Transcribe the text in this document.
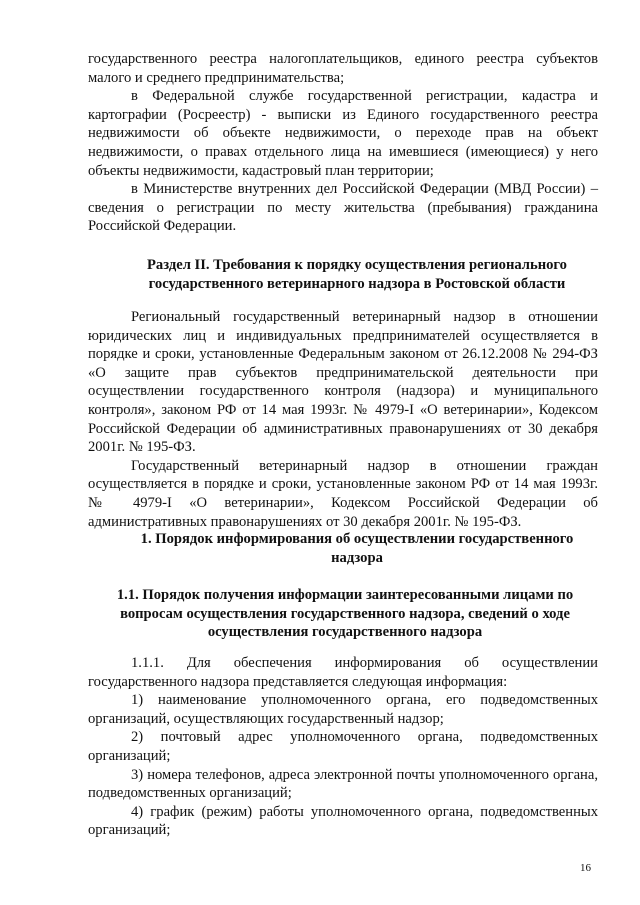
государственного реестра налогоплательщиков, единого реестра субъектов малого и среднего предпринимательства;

в Федеральной службе государственной регистрации, кадастра и картографии (Росреестр) - выписки из Единого государственного реестра недвижимости об объекте недвижимости, о переходе прав на объект недвижимости, о правах отдельного лица на имевшиеся (имеющиеся) у него объекты недвижимости, кадастровый план территории;

в Министерстве внутренних дел Российской Федерации (МВД России) – сведения о регистрации по месту жительства (пребывания) гражданина Российской Федерации.

Раздел II. Требования к порядку осуществления регионального государственного ветеринарного надзора в Ростовской области

Региональный государственный ветеринарный надзор в отношении юридических лиц и индивидуальных предпринимателей осуществляется в порядке и сроки, установленные Федеральным законом от 26.12.2008 № 294-ФЗ «О защите прав субъектов предпринимательской деятельности при осуществлении государственного контроля (надзора) и муниципального контроля», законом РФ от 14 мая 1993г. № 4979-I «О ветеринарии», Кодексом Российской Федерации об административных правонарушениях от 30 декабря 2001г. № 195-ФЗ.

Государственный ветеринарный надзор в отношении граждан осуществляется в порядке и сроки, установленные законом РФ от 14 мая 1993г. № 4979-I «О ветеринарии», Кодексом Российской Федерации об административных правонарушениях от 30 декабря 2001г. № 195-ФЗ.

1. Порядок информирования об осуществлении государственного надзора

1.1. Порядок получения информации заинтересованными лицами по вопросам осуществления государственного надзора, сведений о ходе осуществления государственного надзора

1.1.1. Для обеспечения информирования об осуществлении государственного надзора представляется следующая информация:

1) наименование уполномоченного органа, его подведомственных организаций, осуществляющих государственный надзор;

2) почтовый адрес уполномоченного органа, подведомственных организаций;

3) номера телефонов, адреса электронной почты уполномоченного органа, подведомственных организаций;

4) график (режим) работы уполномоченного органа, подведомственных организаций;

16
